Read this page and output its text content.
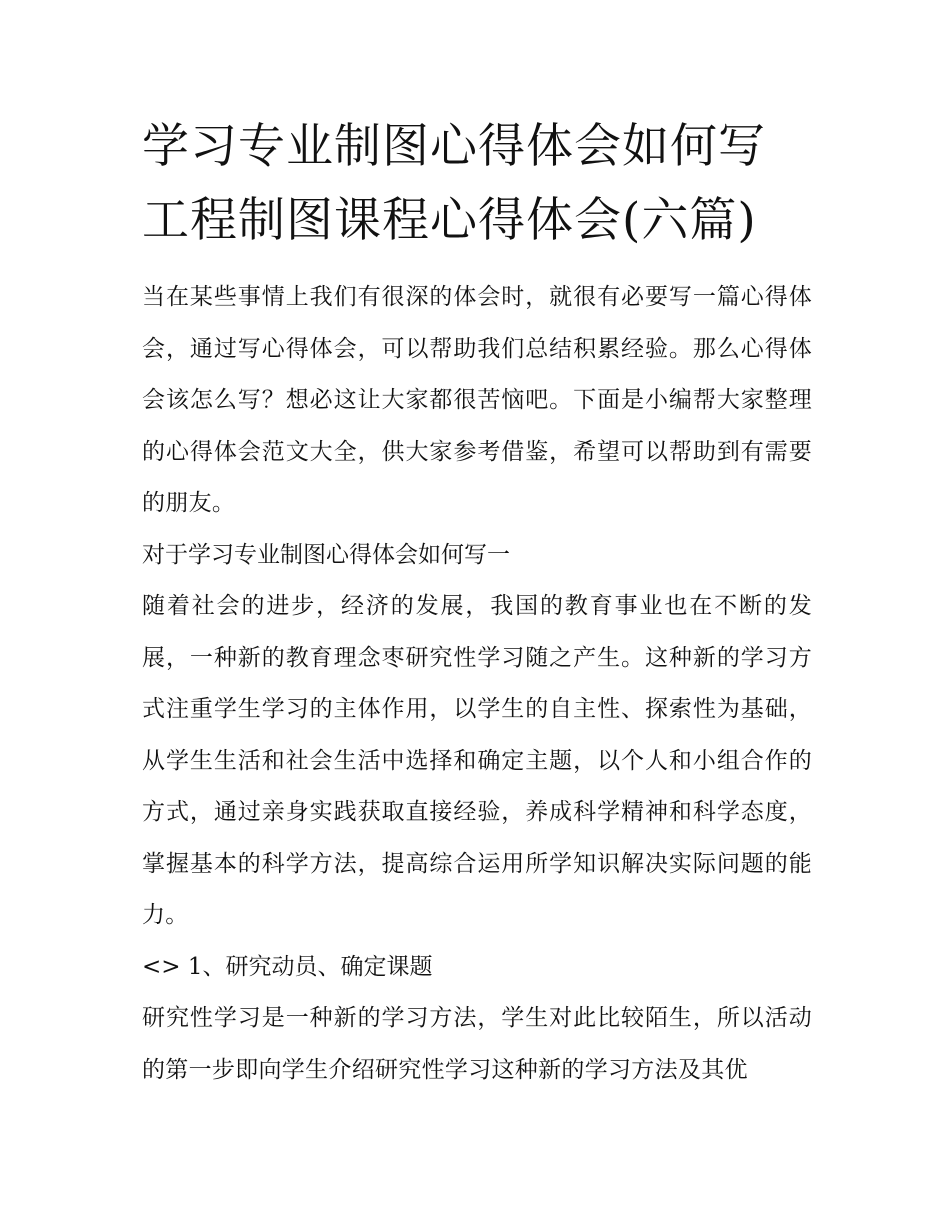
学习专业制图心得体会如何写
工程制图课程心得体会(六篇)

当在某些事情上我们有很深的体会时，就很有必要写一篇心得体会，通过写心得体会，可以帮助我们总结积累经验。那么心得体会该怎么写？想必这让大家都很苦恼吧。下面是小编帮大家整理的心得体会范文大全，供大家参考借鉴，希望可以帮助到有需要的朋友。

对于学习专业制图心得体会如何写一

随着社会的进步，经济的发展，我国的教育事业也在不断的发展，一种新的教育理念枣研究性学习随之产生。这种新的学习方式注重学生学习的主体作用，以学生的自主性、探索性为基础，从学生生活和社会生活中选择和确定主题，以个人和小组合作的方式，通过亲身实践获取直接经验，养成科学精神和科学态度，掌握基本的科学方法，提高综合运用所学知识解决实际问题的能力。

<> 1、研究动员、确定课题

研究性学习是一种新的学习方法，学生对此比较陌生，所以活动的第一步即向学生介绍研究性学习这种新的学习方法及其优
